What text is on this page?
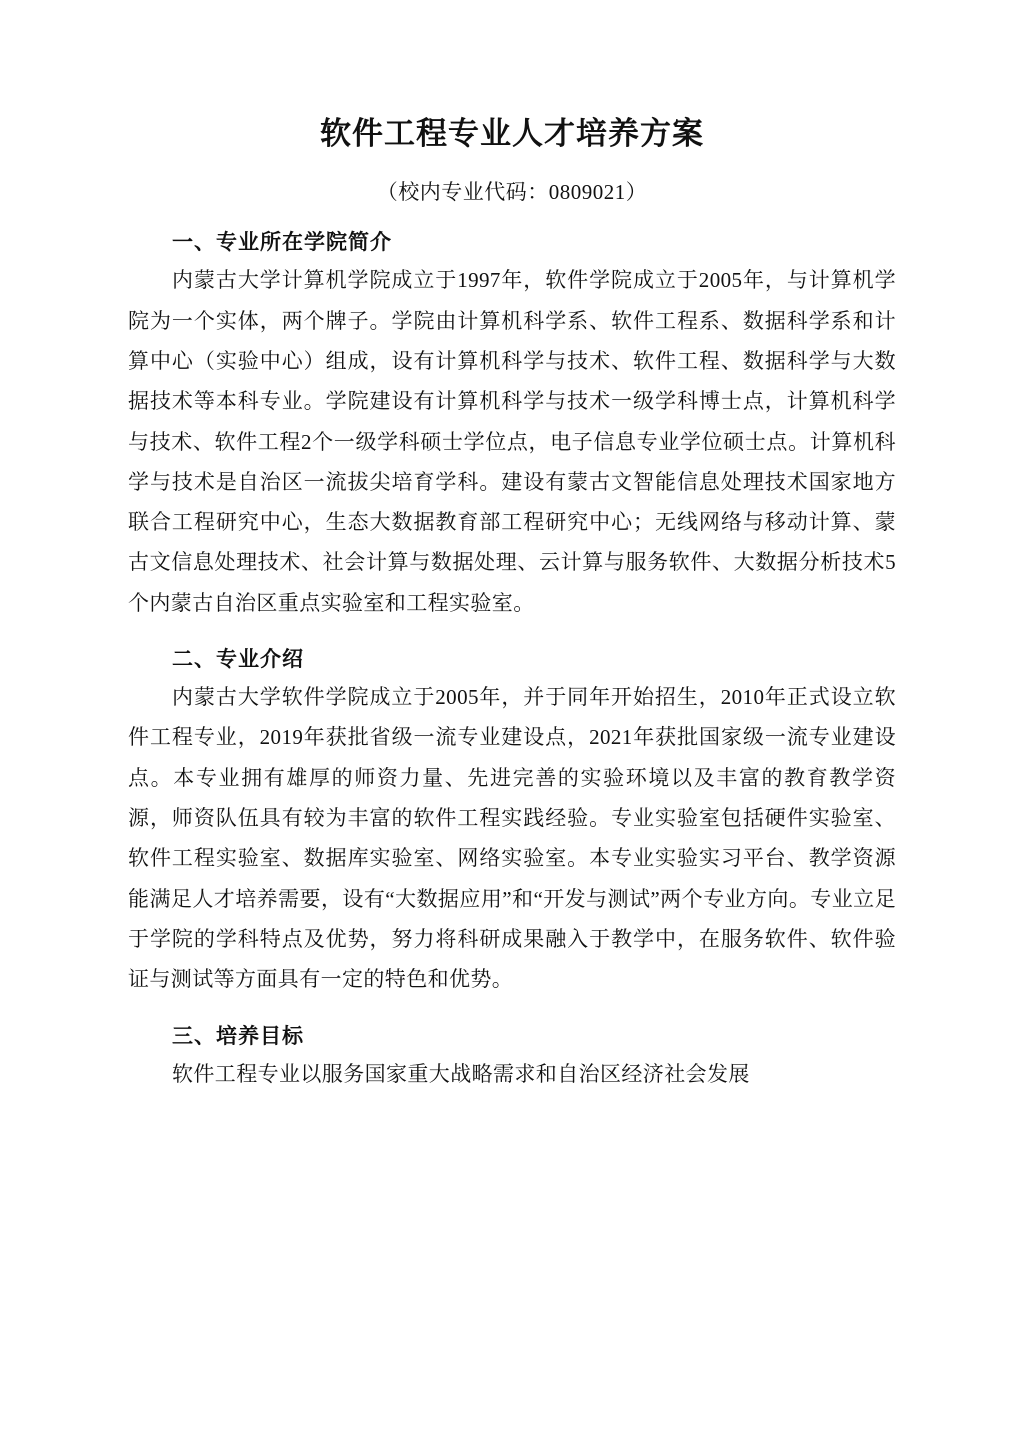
软件工程专业人才培养方案
（校内专业代码：0809021）
一、专业所在学院简介

内蒙古大学计算机学院成立于1997年，软件学院成立于2005年，与计算机学院为一个实体，两个牌子。学院由计算机科学系、软件工程系、数据科学系和计算中心（实验中心）组成，设有计算机科学与技术、软件工程、数据科学与大数据技术等本科专业。学院建设有计算机科学与技术一级学科博士点，计算机科学与技术、软件工程2个一级学科硕士学位点，电子信息专业学位硕士点。计算机科学与技术是自治区一流拔尖培育学科。建设有蒙古文智能信息处理技术国家地方联合工程研究中心，生态大数据教育部工程研究中心；无线网络与移动计算、蒙古文信息处理技术、社会计算与数据处理、云计算与服务软件、大数据分析技术5个内蒙古自治区重点实验室和工程实验室。

二、专业介绍

内蒙古大学软件学院成立于2005年，并于同年开始招生，2010年正式设立软件工程专业，2019年获批省级一流专业建设点，2021年获批国家级一流专业建设点。本专业拥有雄厚的师资力量、先进完善的实验环境以及丰富的教育教学资源，师资队伍具有较为丰富的软件工程实践经验。专业实验室包括硬件实验室、软件工程实验室、数据库实验室、网络实验室。本专业实验实习平台、教学资源能满足人才培养需要，设有“大数据应用”和“开发与测试”两个专业方向。专业立足于学院的学科特点及优势，努力将科研成果融入于教学中，在服务软件、软件验证与测试等方面具有一定的特色和优势。

三、培养目标

软件工程专业以服务国家重大战略需求和自治区经济社会发展
